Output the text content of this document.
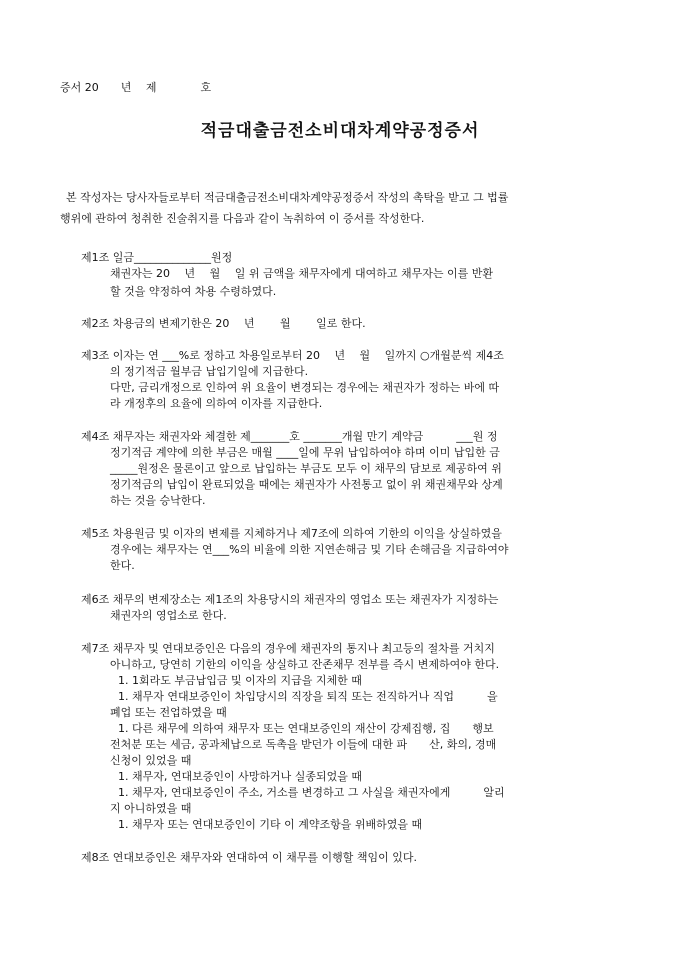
증서 20　　년　 제　　　　호
적금대출금전소비대차계약공정증서
본 작성자는 당사자들로부터 적금대출금전소비대차계약공정증서 작성의 촉탁을 받고 그 법률
행위에 관하여 청취한 진술취지를 다음과 같이 녹취하여 이 증서를 작성한다.
제1조 일금______________원정
채권자는 20　 년　 월　 일 위 금액을 채무자에게 대여하고 채무자는 이를 반환
할 것을 약정하여 차용 수령하였다.
제2조 차용금의 변제기한은 20　 년　 　월　　 일로 한다.
제3조 이자는 연 ___%로 정하고 차용일로부터 20　 년　 월　 일까지 ○개월분씩 제4조
의 정기적금 월부금 납입기일에 지급한다.
다만, 금리개정으로 인하여 위 요율이 변경되는 경우에는 채권자가 정하는 바에 따
라 개정후의 요율에 의하여 이자를 지급한다.
제4조 채무자는 채권자와 체결한 제_______호 _______개월 만기 계약금　　　___원 정
정기적금 계약에 의한 부금은 매월 ____일에 무위 납입하여야 하며 이미 납입한 금
_____원정은 물론이고 앞으로 납입하는 부금도 모두 이 채무의 담보로 제공하여 위
정기적금의 납입이 완료되었을 때에는 채권자가 사전통고 없이 위 채권채무와 상계
하는 것을 승낙한다.
제5조 차용원금 및 이자의 변제를 지체하거나 제7조에 의하여 기한의 이익을 상실하였을
경우에는 채무자는 연___%의 비율에 의한 지연손해금 및 기타 손해금을 지급하여야
한다.
제6조 채무의 변제장소는 제1조의 차용당시의 채권자의 영업소 또는 채권자가 지정하는
채권자의 영업소로 한다.
제7조 채무자 및 연대보증인은 다음의 경우에 채권자의 통지나 최고등의 절차를 거치지
아니하고, 당연히 기한의 이익을 상실하고 잔존채무 전부를 즉시 변제하여야 한다.
1. 1회라도 부금납입금 및 이자의 지급을 지체한 때
1. 채무자 연대보증인이 차입당시의 직장을 퇴직 또는 전직하거나 직업　　　을
폐업 또는 전업하였을 때
1. 다른 채무에 의하여 채무자 또는 연대보증인의 재산이 강제집행, 집　　행보
전처분 또는 세금, 공과체납으로 독촉을 받던가 이들에 대한 파　　산, 화의, 경매
신청이 있었을 때
1. 채무자, 연대보증인이 사망하거나 실종되었을 때
1. 채무자, 연대보증인이 주소, 거소를 변경하고 그 사실을 채권자에게　　　알리
지 아니하였을 때
1. 채무자 또는 연대보증인이 기타 이 계약조항을 위배하였을 때
제8조 연대보증인은 채무자와 연대하여 이 채무를 이행할 책임이 있다.
